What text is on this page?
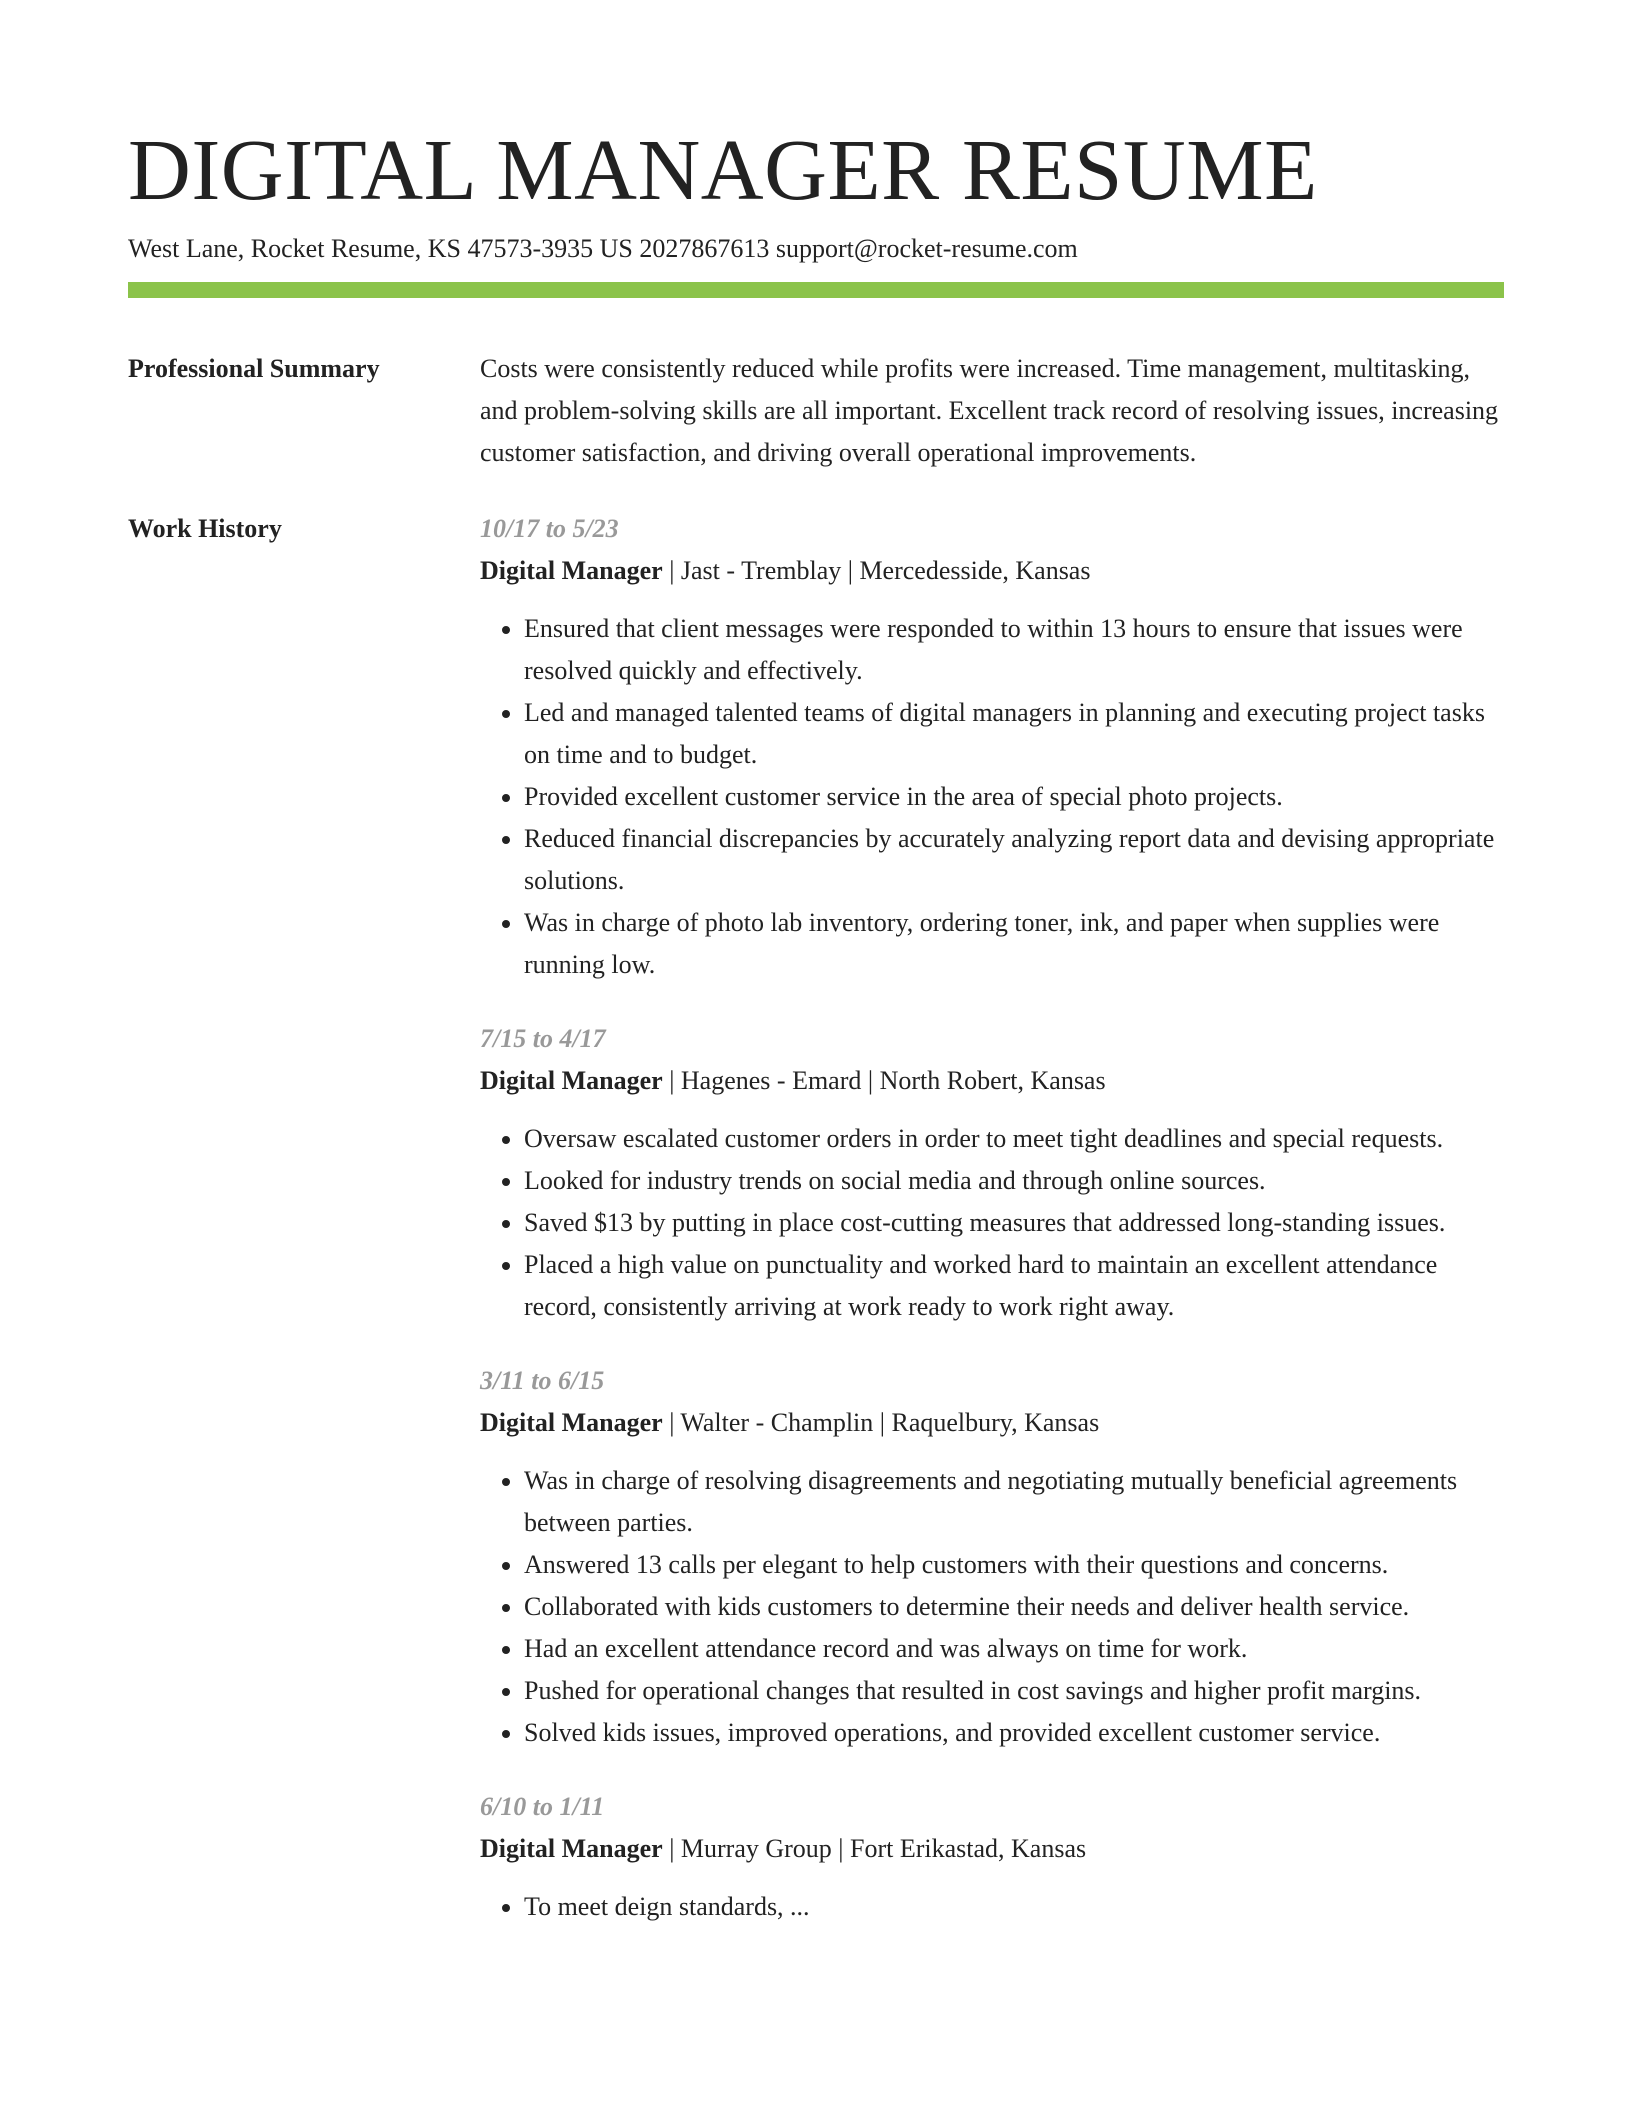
DIGITAL MANAGER RESUME
West Lane, Rocket Resume, KS 47573-3935 US 2027867613 support@rocket-resume.com
Professional Summary	Costs were consistently reduced while profits were increased. Time management, multitasking, and problem-solving skills are all important. Excellent track record of resolving issues, increasing customer satisfaction, and driving overall operational improvements.
Work History	10/17 to 5/23
Digital Manager | Jast - Tremblay | Mercedesside, Kansas
• Ensured that client messages were responded to within 13 hours to ensure that issues were resolved quickly and effectively.
• Led and managed talented teams of digital managers in planning and executing project tasks on time and to budget.
• Provided excellent customer service in the area of special photo projects.
• Reduced financial discrepancies by accurately analyzing report data and devising appropriate solutions.
• Was in charge of photo lab inventory, ordering toner, ink, and paper when supplies were running low.
7/15 to 4/17
Digital Manager | Hagenes - Emard | North Robert, Kansas
• Oversaw escalated customer orders in order to meet tight deadlines and special requests.
• Looked for industry trends on social media and through online sources.
• Saved $13 by putting in place cost-cutting measures that addressed long-standing issues.
• Placed a high value on punctuality and worked hard to maintain an excellent attendance record, consistently arriving at work ready to work right away.
3/11 to 6/15
Digital Manager | Walter - Champlin | Raquelbury, Kansas
• Was in charge of resolving disagreements and negotiating mutually beneficial agreements between parties.
• Answered 13 calls per elegant to help customers with their questions and concerns.
• Collaborated with kids customers to determine their needs and deliver health service.
• Had an excellent attendance record and was always on time for work.
• Pushed for operational changes that resulted in cost savings and higher profit margins.
• Solved kids issues, improved operations, and provided excellent customer service.
6/10 to 1/11
Digital Manager | Murray Group | Fort Erikastad, Kansas
• To meet deign standards, ...
